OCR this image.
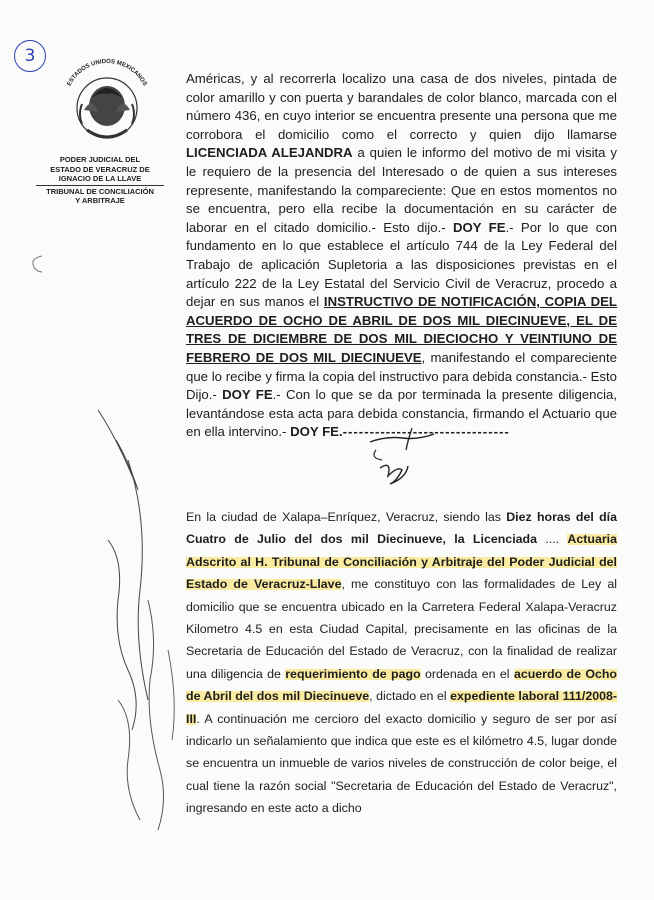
3
ESTADOS UNIDOS MEXICANOS
PODER JUDICIAL DEL
ESTADO DE VERACRUZ DE
IGNACIO DE LA LLAVE
TRIBUNAL DE CONCILIACIÓN
Y ARBITRAJE

Américas, y al recorrerla localizo una casa de dos niveles, pintada de color amarillo y con puerta y barandales de color blanco, marcada con el número 436, en cuyo interior se encuentra presente una persona que me corrobora el domicilio como el correcto y quien dijo llamarse LICENCIADA ALEJANDRA a quien le informo del motivo de mi visita y le requiero de la presencia del Interesado o de quien a sus intereses represente, manifestando la compareciente: Que en estos momentos no se encuentra, pero ella recibe la documentación en su carácter de laborar en el citado domicilio.- Esto dijo.- DOY FE.- Por lo que con fundamento en lo que establece el artículo 744 de la Ley Federal del Trabajo de aplicación Supletoria a las disposiciones previstas en el artículo 222 de la Ley Estatal del Servicio Civil de Veracruz, procedo a dejar en sus manos el INSTRUCTIVO DE NOTIFICACIÓN, COPIA DEL ACUERDO DE OCHO DE ABRIL DE DOS MIL DIECINUEVE, EL DE TRES DE DICIEMBRE DE DOS MIL DIECIOCHO Y VEINTIUNO DE FEBRERO DE DOS MIL DIECINUEVE, manifestando el compareciente que lo recibe y firma la copia del instructivo para debida constancia.- Esto Dijo.- DOY FE.- Con lo que se da por terminada la presente diligencia, levantándose esta acta para debida constancia, firmando el Actuario que en ella intervino.- DOY FE.-------------------------------

En la ciudad de Xalapa–Enríquez, Veracruz, siendo las Diez horas del día Cuatro de Julio del dos mil Diecinueve, la Licenciada .... Actuaria Adscrito al H. Tribunal de Conciliación y Arbitraje del Poder Judicial del Estado de Veracruz-Llave, me constituyo con las formalidades de Ley al domicilio que se encuentra ubicado en la Carretera Federal Xalapa-Veracruz Kilometro 4.5 en esta Ciudad Capital, precisamente en las oficinas de la Secretaria de Educación del Estado de Veracruz, con la finalidad de realizar una diligencia de requerimiento de pago ordenada en el acuerdo de Ocho de Abril del dos mil Diecinueve, dictado en el expediente laboral 111/2008-III. A continuación me cercioro del exacto domicilio y seguro de ser por así indicarlo un señalamiento que indica que este es el kilómetro 4.5, lugar donde se encuentra un inmueble de varios niveles de construcción de color beige, el cual tiene la razón social "Secretaria de Educación del Estado de Veracruz", ingresando en este acto a dicho
